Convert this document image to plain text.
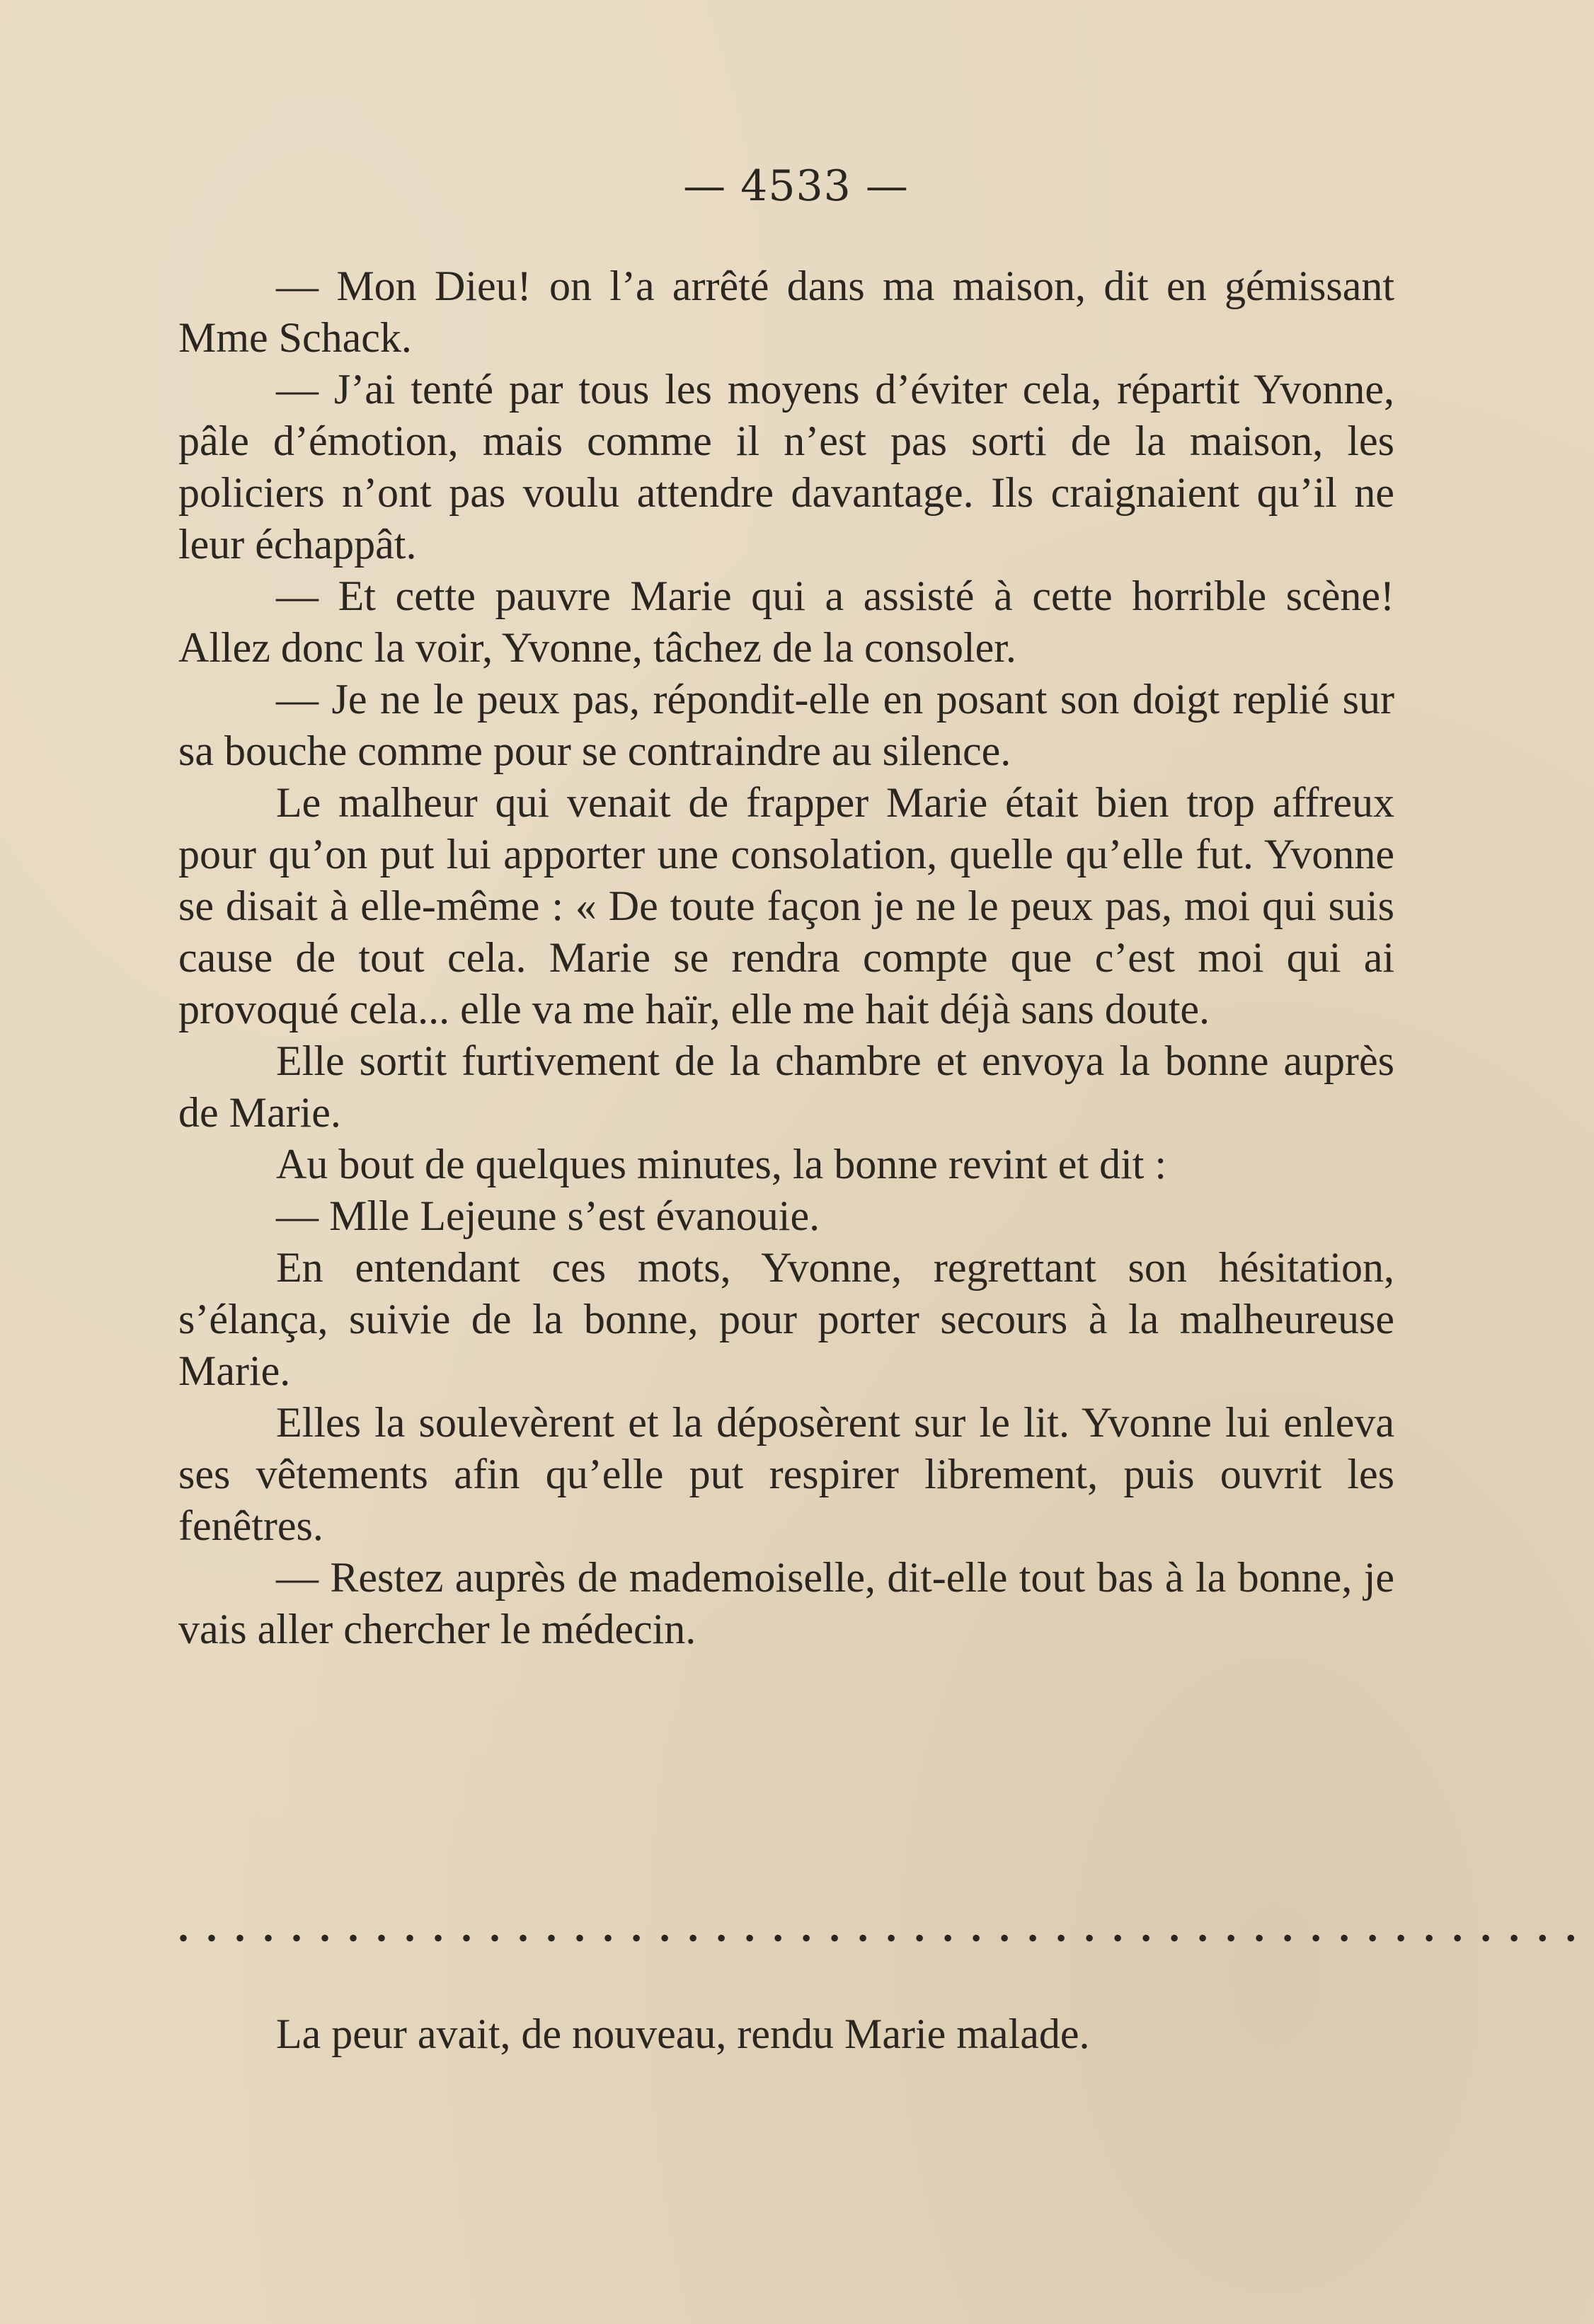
— 4533 —

— Mon Dieu! on l’a arrêté dans ma maison, dit en gémissant Mme Schack.

— J’ai tenté par tous les moyens d’éviter cela, répartit Yvonne, pâle d’émotion, mais comme il n’est pas sorti de la maison, les policiers n’ont pas voulu attendre davantage. Ils craignaient qu’il ne leur échappât.

— Et cette pauvre Marie qui a assisté à cette horrible scène! Allez donc la voir, Yvonne, tâchez de la consoler.

— Je ne le peux pas, répondit-elle en posant son doigt replié sur sa bouche comme pour se contraindre au silence.

Le malheur qui venait de frapper Marie était bien trop affreux pour qu’on put lui apporter une consolation, quelle qu’elle fut. Yvonne se disait à elle-même : « De toute façon je ne le peux pas, moi qui suis cause de tout cela. Marie se rendra compte que c’est moi qui ai provoqué cela... elle va me haïr, elle me hait déjà sans doute.

Elle sortit furtivement de la chambre et envoya la bonne auprès de Marie.

Au bout de quelques minutes, la bonne revint et dit :

— Mlle Lejeune s’est évanouie.

En entendant ces mots, Yvonne, regrettant son hésitation, s’élança, suivie de la bonne, pour porter secours à la malheureuse Marie.

Elles la soulevèrent et la déposèrent sur le lit. Yvonne lui enleva ses vêtements afin qu’elle put respirer librement, puis ouvrit les fenêtres.

— Restez auprès de mademoiselle, dit-elle tout bas à la bonne, je vais aller chercher le médecin.

••••••••••••••••••••••••••••••••••••••••••••••••••
La peur avait, de nouveau, rendu Marie malade.
